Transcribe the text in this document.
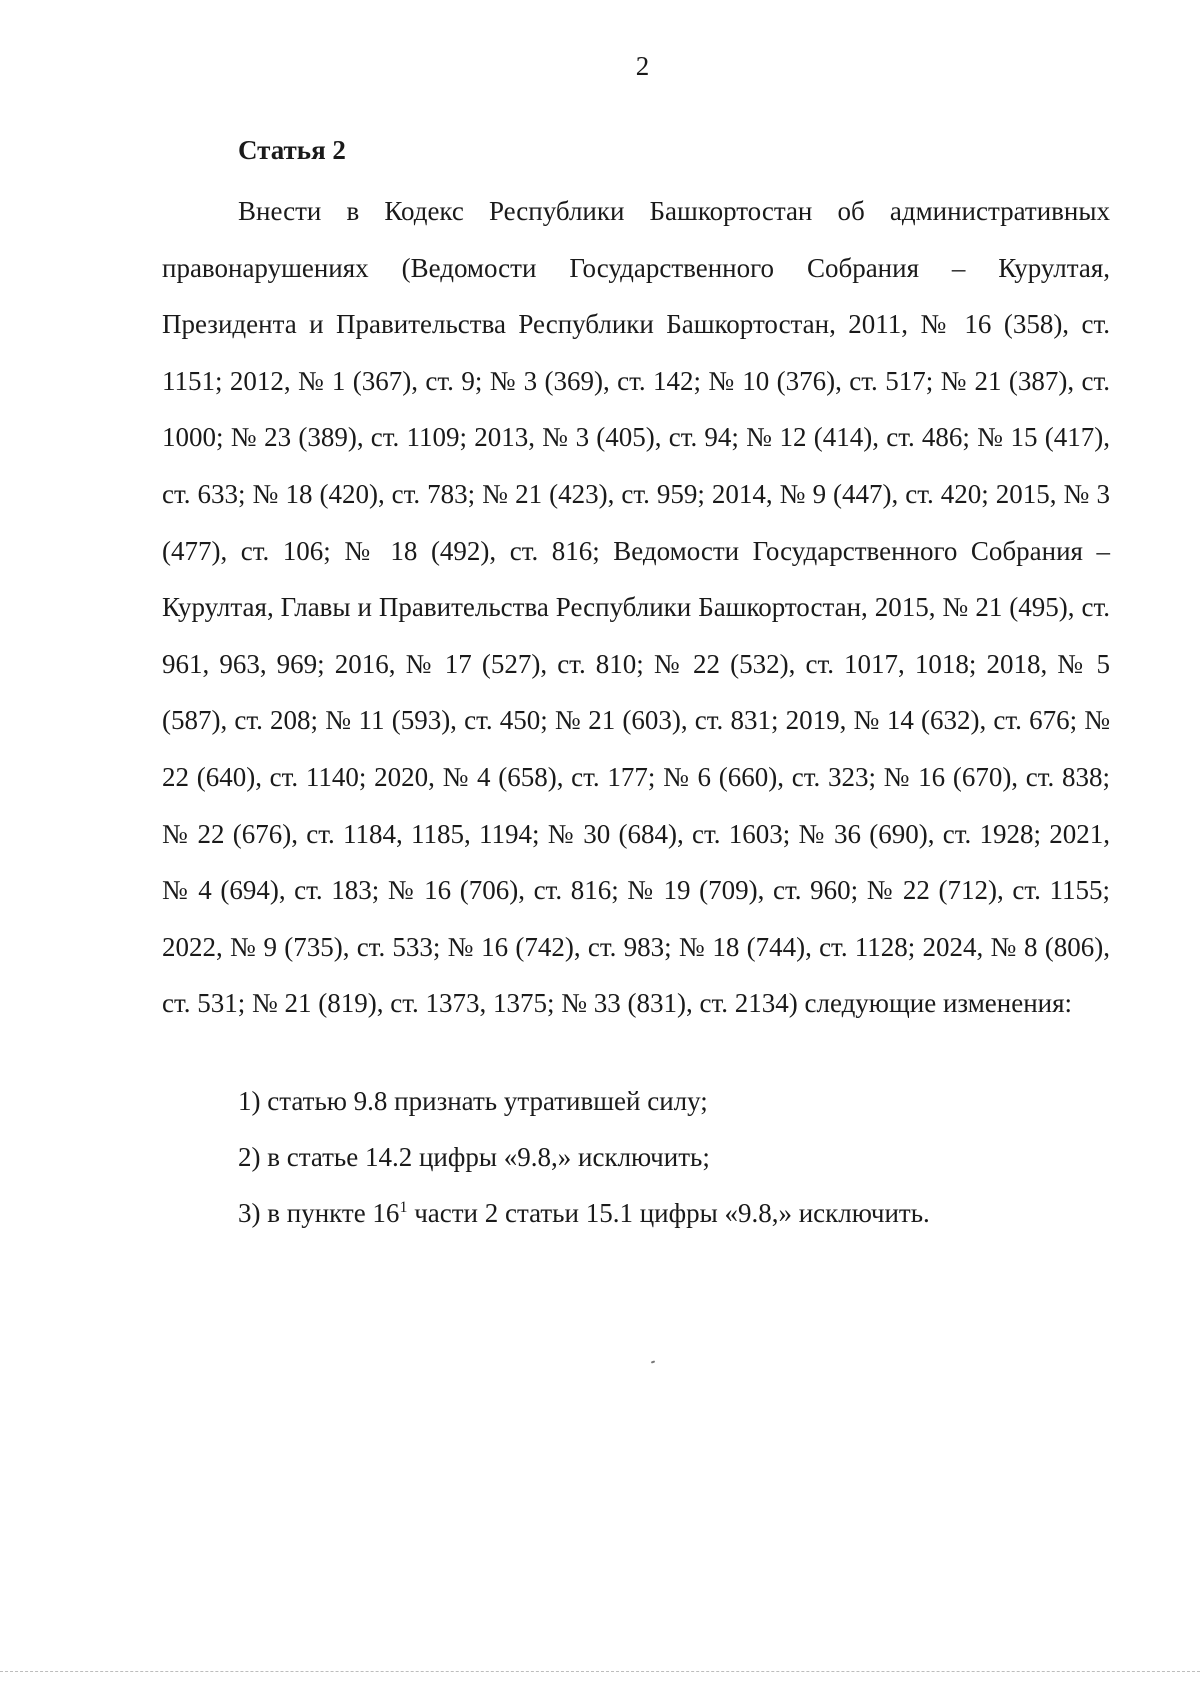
2
Статья 2

Внести в Кодекс Республики Башкортостан об административных правонарушениях (Ведомости Государственного Собрания – Курултая, Президента и Правительства Республики Башкортостан, 2011, № 16 (358), ст. 1151; 2012, № 1 (367), ст. 9; № 3 (369), ст. 142; № 10 (376), ст. 517; № 21 (387), ст. 1000; № 23 (389), ст. 1109; 2013, № 3 (405), ст. 94; № 12 (414), ст. 486; № 15 (417), ст. 633; № 18 (420), ст. 783; № 21 (423), ст. 959; 2014, № 9 (447), ст. 420; 2015, № 3 (477), ст. 106; № 18 (492), ст. 816; Ведомости Государственного Собрания – Курултая, Главы и Правительства Республики Башкортостан, 2015, № 21 (495), ст. 961, 963, 969; 2016, № 17 (527), ст. 810; № 22 (532), ст. 1017, 1018; 2018, № 5 (587), ст. 208; № 11 (593), ст. 450; № 21 (603), ст. 831; 2019, № 14 (632), ст. 676; № 22 (640), ст. 1140; 2020, № 4 (658), ст. 177; № 6 (660), ст. 323; № 16 (670), ст. 838; № 22 (676), ст. 1184, 1185, 1194; № 30 (684), ст. 1603; № 36 (690), ст. 1928; 2021, № 4 (694), ст. 183; № 16 (706), ст. 816; № 19 (709), ст. 960; № 22 (712), ст. 1155; 2022, № 9 (735), ст. 533; № 16 (742), ст. 983; № 18 (744), ст. 1128; 2024, № 8 (806), ст. 531; № 21 (819), ст. 1373, 1375; № 33 (831), ст. 2134) следующие изменения:

1) статью 9.8 признать утратившей силу;
2) в статье 14.2 цифры «9.8,» исключить;
3) в пункте $16^1$ части 2 статьи 15.1 цифры «9.8,» исключить.
